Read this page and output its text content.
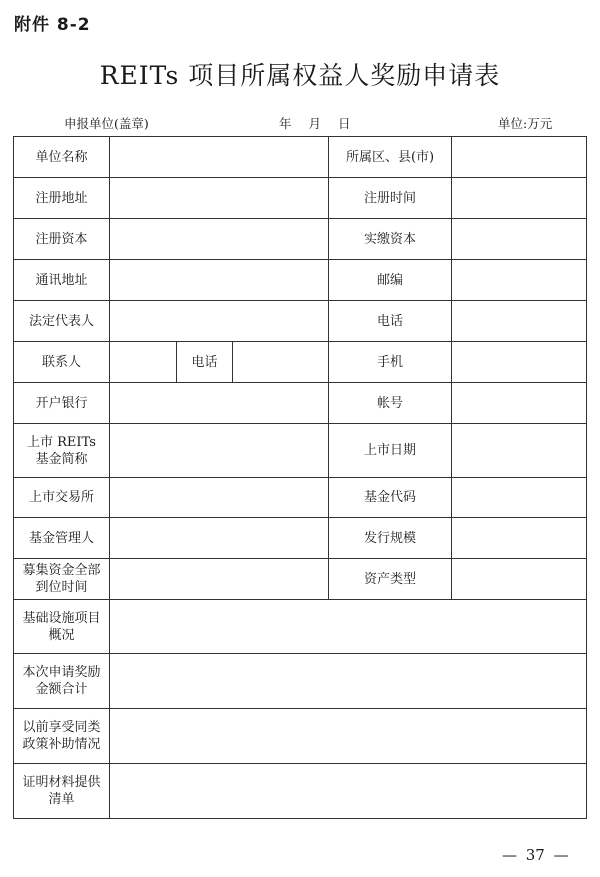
附件 8-2
REITs 项目所属权益人奖励申请表
申报单位(盖章)	年 月 日	单位:万元
单位名称				所属区、县(市)	
注册地址				注册时间	
注册资本				实缴资本	
通讯地址				邮编	
法定代表人				电话	
联系人		电话		手机	
开户银行				帐号	

上市 REITs
基金简称				上市日期	
上市交易所				基金代码	
基金管理人				发行规模	

募集资金全部
到位时间				资产类型	

基础设施项目
概况					

本次申请奖励
金额合计					

以前享受同类
政策补助情况					

证明材料提供
清单					

— 37 —
